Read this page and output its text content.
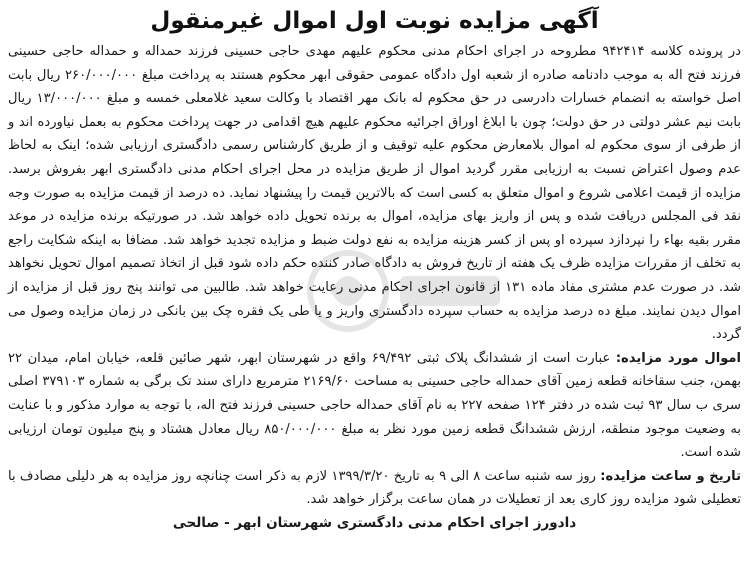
آگهی مزایده نوبت اول اموال غیرمنقول

در پرونده کلاسه ۹۴۲۴۱۴ مطروحه در اجرای احکام مدنی محکوم علیهم مهدی حاجی حسینی فرزند حمداله و حمداله حاجی حسینی فرزند فتح اله به موجب دادنامه صادره از شعبه اول دادگاه عمومی حقوقی ابهر محکوم هستند به پرداخت مبلغ ۲۶۰/۰۰۰/۰۰۰ ریال بابت اصل خواسته به انضمام خسارات دادرسی در حق محکوم له بانک مهر اقتصاد با وکالت سعید غلامعلی خمسه و مبلغ ۱۳/۰۰۰/۰۰۰ ریال بابت نیم عشر دولتی در حق دولت؛ چون با ابلاغ اوراق اجرائیه محکوم علیهم هیچ اقدامی در جهت پرداخت محکوم به بعمل نیاورده اند و از طرفی از سوی محکوم له اموال بلامعارض محکوم علیه توقیف و از طریق کارشناس رسمی دادگستری ارزیابی شده؛ اینک به لحاظ عدم وصول اعتراض نسبت به ارزیابی مقرر گردید اموال از طریق مزایده در محل اجرای احکام مدنی دادگستری ابهر بفروش برسد. مزایده از قیمت اعلامی شروع و اموال متعلق به کسی است که بالاترین قیمت را پیشنهاد نماید. ده درصد از قیمت مزایده به صورت وجه نقد فی المجلس دریافت شده و پس از واریز بهای مزایده، اموال به برنده تحویل داده خواهد شد. در صورتیکه برنده مزایده در موعد مقرر بقیه بهاء را نپردازد سپرده او پس از کسر هزینه مزایده به نفع دولت ضبط و مزایده تجدید خواهد شد. مضافا به اینکه شکایت راجع به تخلف از مقررات مزایده ظرف یک هفته از تاریخ فروش به دادگاه صادر کننده حکم داده شود قبل از اتخاذ تصمیم اموال تحویل نخواهد شد. در صورت عدم مشتری مفاد ماده ۱۳۱ از قانون اجرای احکام مدنی رعایت خواهد شد. طالبین می توانند پنج روز قبل از مزایده از اموال دیدن نمایند. مبلغ ده درصد مزایده به حساب سپرده دادگستری واریز و یا طی یک فقره چک بین بانکی در زمان مزایده وصول می گردد.

اموال مورد مزایده: عبارت است از ششدانگ پلاک ثبتی ۶۹/۴۹۲ واقع در شهرستان ابهر، شهر صائین قلعه، خیابان امام، میدان ۲۲ بهمن، جنب سقاخانه قطعه زمین آقای حمداله حاجی حسینی به مساحت ۲۱۶۹/۶۰ مترمربع دارای سند تک برگی به شماره ۳۷۹۱۰۳ اصلی سری ب سال ۹۳ ثبت شده در دفتر ۱۲۴ صفحه ۲۲۷ به نام آقای حمداله حاجی حسینی فرزند فتح اله، با توجه به موارد مذکور و با عنایت به وضعیت موجود منطقه، ارزش ششدانگ قطعه زمین مورد نظر به مبلغ ۸۵۰/۰۰۰/۰۰۰ ریال معادل هشتاد و پنج میلیون تومان ارزیابی شده است.

تاریخ و ساعت مزایده: روز سه شنبه ساعت ۸ الی ۹ به تاریخ ۱۳۹۹/۳/۲۰ لازم به ذکر است چنانچه روز مزایده به هر دلیلی مصادف با تعطیلی شود مزایده روز کاری بعد از تعطیلات در همان ساعت برگزار خواهد شد.

دادورز اجرای احکام مدنی دادگستری شهرستان ابهر - صالحی
